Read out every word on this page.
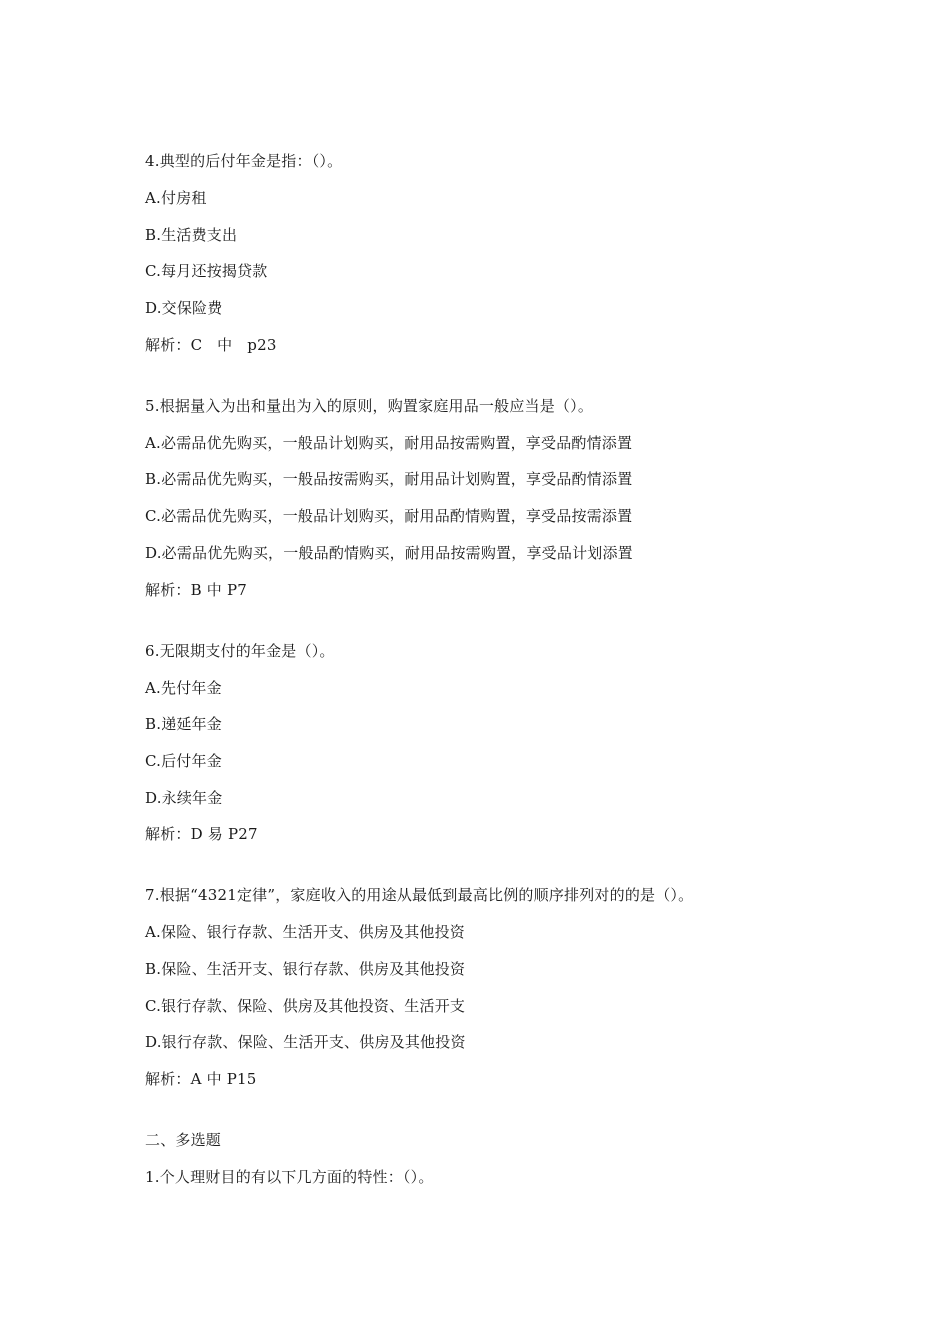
4.典型的后付年金是指：（）。
A.付房租
B.生活费支出
C.每月还按揭贷款
D.交保险费
解析：C   中   p23
5.根据量入为出和量出为入的原则，购置家庭用品一般应当是（）。
A.必需品优先购买，一般品计划购买，耐用品按需购置，享受品酌情添置
B.必需品优先购买，一般品按需购买，耐用品计划购置，享受品酌情添置
C.必需品优先购买，一般品计划购买，耐用品酌情购置，享受品按需添置
D.必需品优先购买，一般品酌情购买，耐用品按需购置，享受品计划添置
解析：B 中 P7
6.无限期支付的年金是（）。
A.先付年金
B.递延年金
C.后付年金
D.永续年金
解析：D 易 P27
7.根据“4321定律”，家庭收入的用途从最低到最高比例的顺序排列对的的是（）。
A.保险、银行存款、生活开支、供房及其他投资
B.保险、生活开支、银行存款、供房及其他投资
C.银行存款、保险、供房及其他投资、生活开支
D.银行存款、保险、生活开支、供房及其他投资
解析：A 中 P15
二、多选题
1.个人理财目的有以下几方面的特性：（）。
